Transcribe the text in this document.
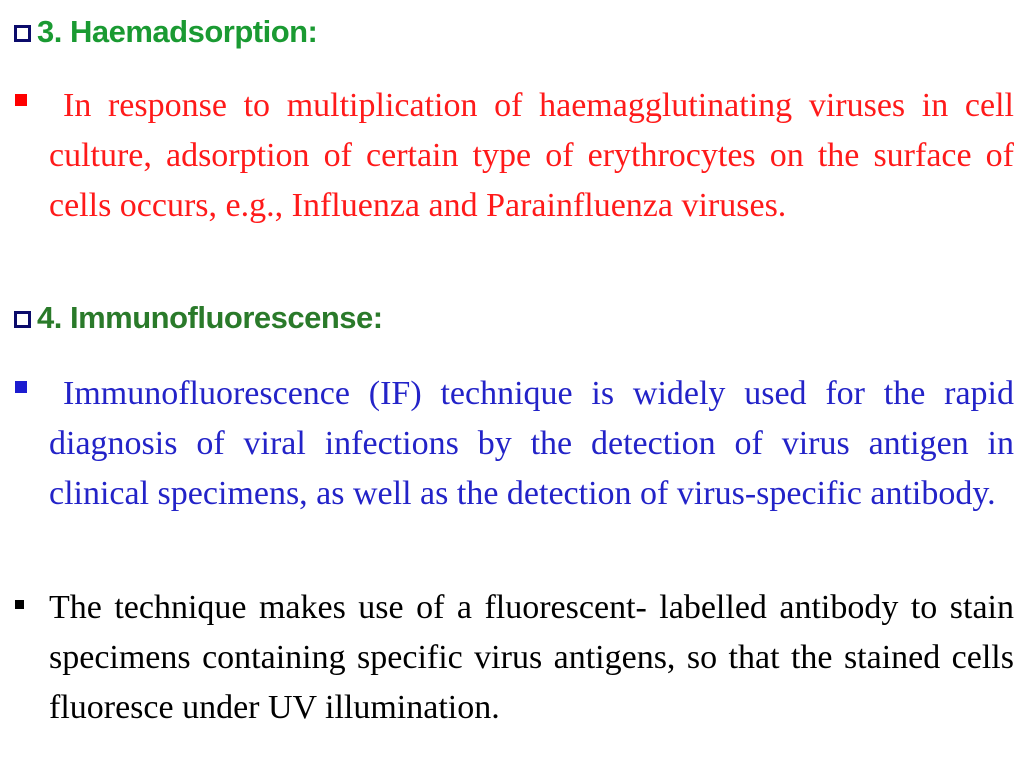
3. Haemadsorption:
In response to multiplication of haemagglutinating viruses in cell culture, adsorption of certain type of erythrocytes on the surface of cells occurs, e.g., Influenza and Parainfluenza viruses.
4. Immunofluorescense:
Immunofluorescence (IF) technique is widely used for the rapid diagnosis of viral infections by the detection of virus antigen in clinical specimens, as well as the detection of virus-specific antibody.
The technique makes use of a fluorescent- labelled antibody to stain specimens containing specific virus antigens, so that the stained cells fluoresce under UV illumination.
